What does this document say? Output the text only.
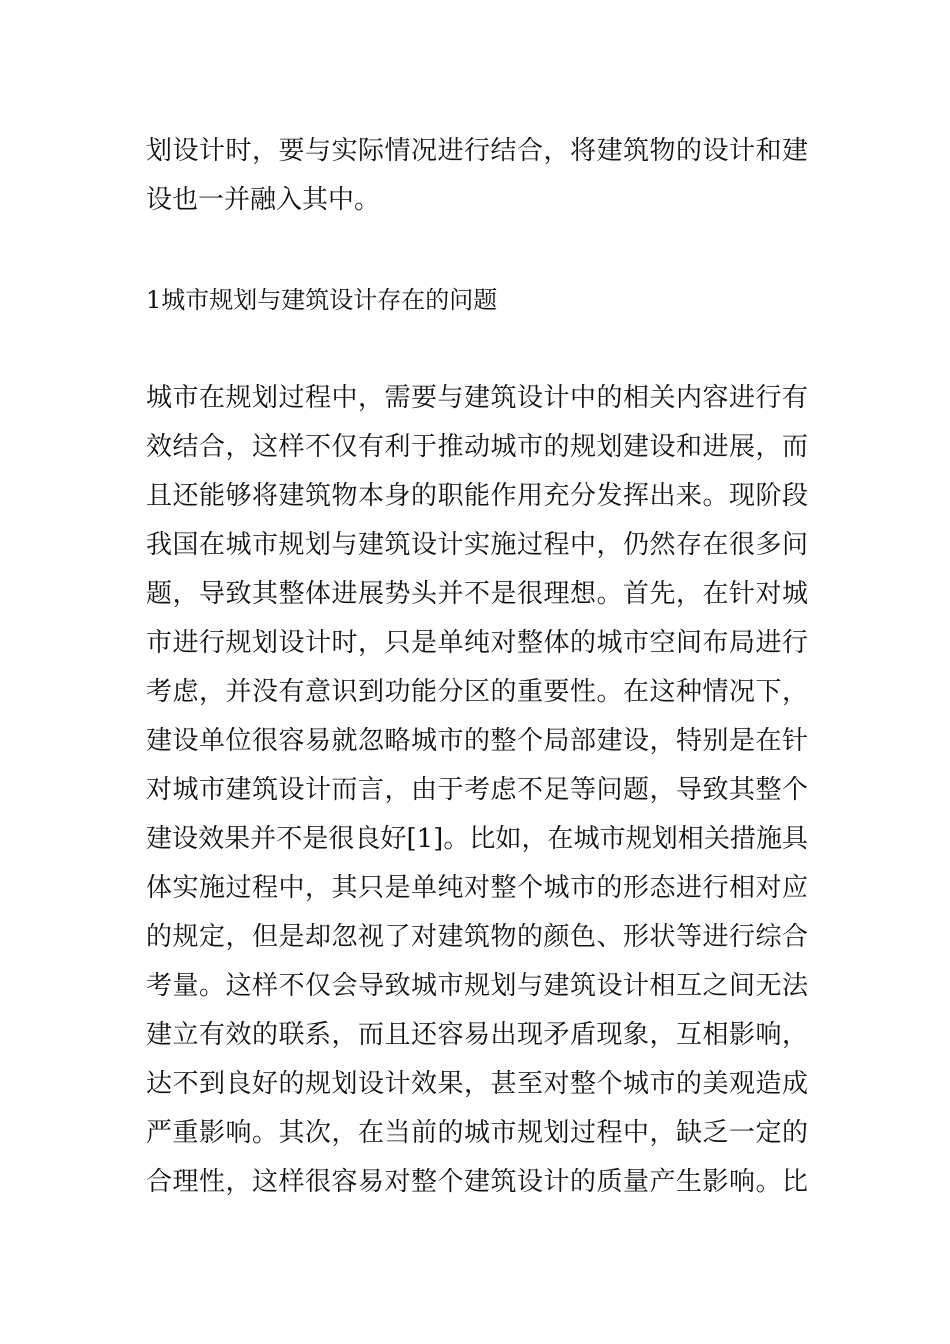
划设计时，要与实际情况进行结合，将建筑物的设计和建
设也一并融入其中。
1城市规划与建筑设计存在的问题
城市在规划过程中，需要与建筑设计中的相关内容进行有
效结合，这样不仅有利于推动城市的规划建设和进展，而
且还能够将建筑物本身的职能作用充分发挥出来。现阶段
我国在城市规划与建筑设计实施过程中，仍然存在很多问
题，导致其整体进展势头并不是很理想。首先，在针对城
市进行规划设计时，只是单纯对整体的城市空间布局进行
考虑，并没有意识到功能分区的重要性。在这种情况下，
建设单位很容易就忽略城市的整个局部建设，特别是在针
对城市建筑设计而言，由于考虑不足等问题，导致其整个
建设效果并不是很良好[1]。比如，在城市规划相关措施具
体实施过程中，其只是单纯对整个城市的形态进行相对应
的规定，但是却忽视了对建筑物的颜色、形状等进行综合
考量。这样不仅会导致城市规划与建筑设计相互之间无法
建立有效的联系，而且还容易出现矛盾现象，互相影响，
达不到良好的规划设计效果，甚至对整个城市的美观造成
严重影响。其次，在当前的城市规划过程中，缺乏一定的
合理性，这样很容易对整个建筑设计的质量产生影响。比
